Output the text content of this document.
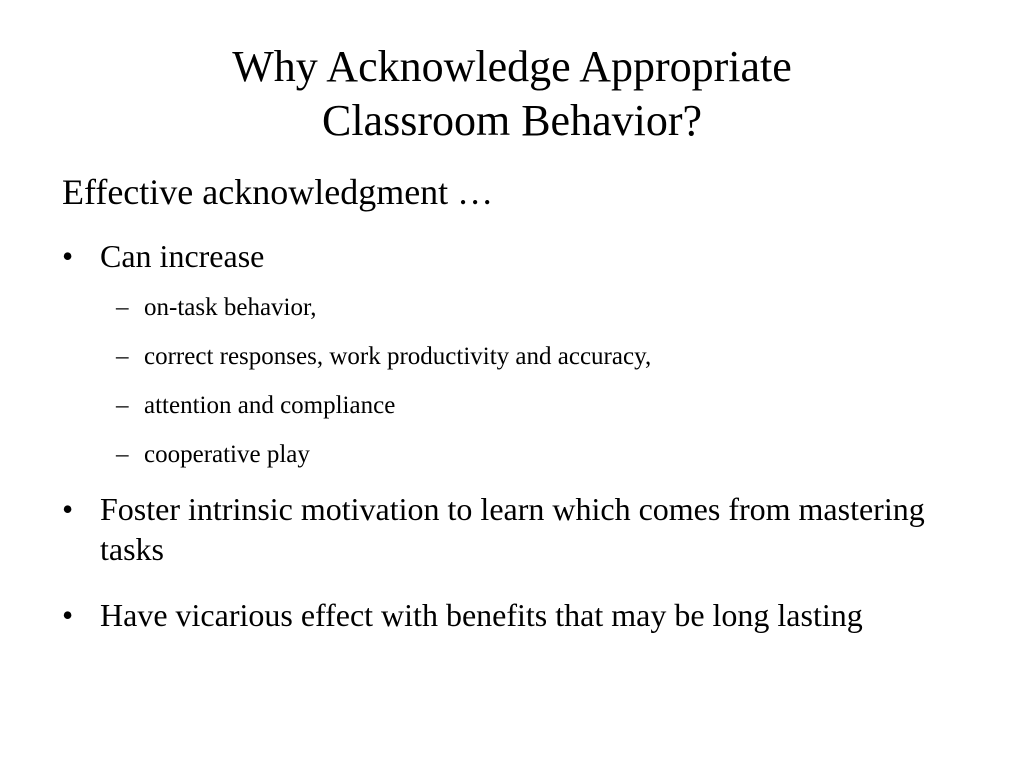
Why Acknowledge Appropriate
Classroom Behavior?
Effective acknowledgment …
• Can increase
– on-task behavior,
– correct responses, work productivity and accuracy,
– attention and compliance
– cooperative play
• Foster intrinsic motivation to learn which comes from mastering tasks
• Have vicarious effect with benefits that may be long lasting
